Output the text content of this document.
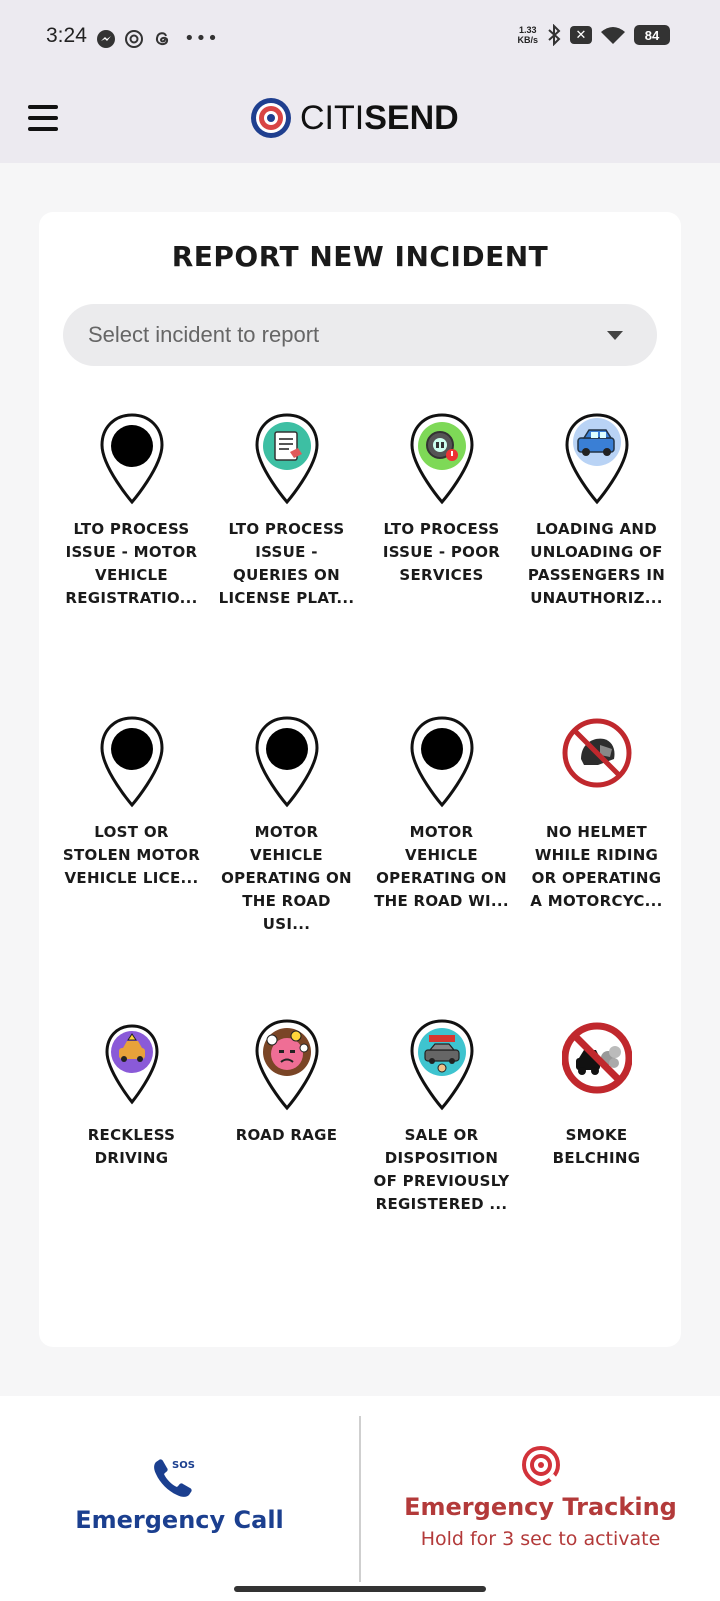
3:24	•••	1.33
KB/s	✕	84
CITISEND
REPORT NEW INCIDENT
Select incident to report
LTO PROCESS ISSUE - MOTOR VEHICLE REGISTRATIO...
LTO PROCESS ISSUE - QUERIES ON LICENSE PLAT...
LTO PROCESS ISSUE - POOR SERVICES
LOADING AND UNLOADING OF PASSENGERS IN UNAUTHORIZ...
LOST OR STOLEN MOTOR VEHICLE LICE...
MOTOR VEHICLE OPERATING ON THE ROAD USI...
MOTOR VEHICLE OPERATING ON THE ROAD WI...
NO HELMET WHILE RIDING OR OPERATING A MOTORCYC...
RECKLESS DRIVING
ROAD RAGE	SALE OR DISPOSITION OF PREVIOUSLY REGISTERED ...
SMOKE BELCHING
SOS
Emergency Call	Emergency Tracking
Hold for 3 sec to activate
